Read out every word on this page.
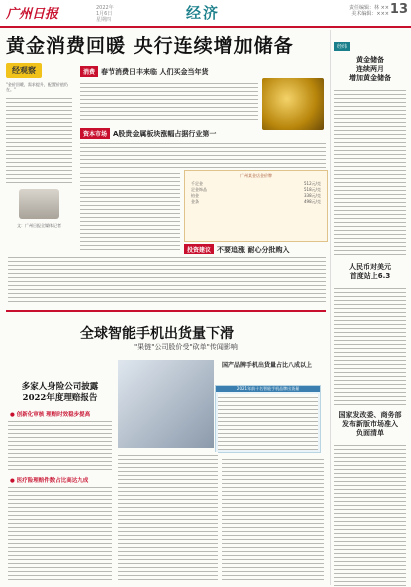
广州日报	2022年
1月6日
星期四	经济	责任编辑：林 ××
美术编辑：××× 13
黄金消费回暖 央行连续增加储备
经观察
"金价回暖，需求提升，配置价值仍在。"
文：广州日报全媒体记者
消费 春节消费日丰来临 人们买金当年货
资本市场 A股贵金属板块涨幅占据行业第一
广州某金店金价牌
千足金	512元/克
足金饰品	518元/克
铂金	338元/克
金条	498元/克
投资建议 不要追涨 耐心分批购入
全球智能手机出货量下滑
"果链"公司股价受"砍单"传闻影响
国产品牌手机出货量占比八成以上
2021年前十名智能手机品牌出货量
多家人身险公司披露
2022年度理赔报告
● 创新化审核 理赔时效稳步提高
● 医疗险理赔件数占比高达九成
经纬
黄金储备
连续两月
增加黄金储备
人民币对美元
首度站上6.3
国家发改委、商务部
发布新版市场准入
负面清单
